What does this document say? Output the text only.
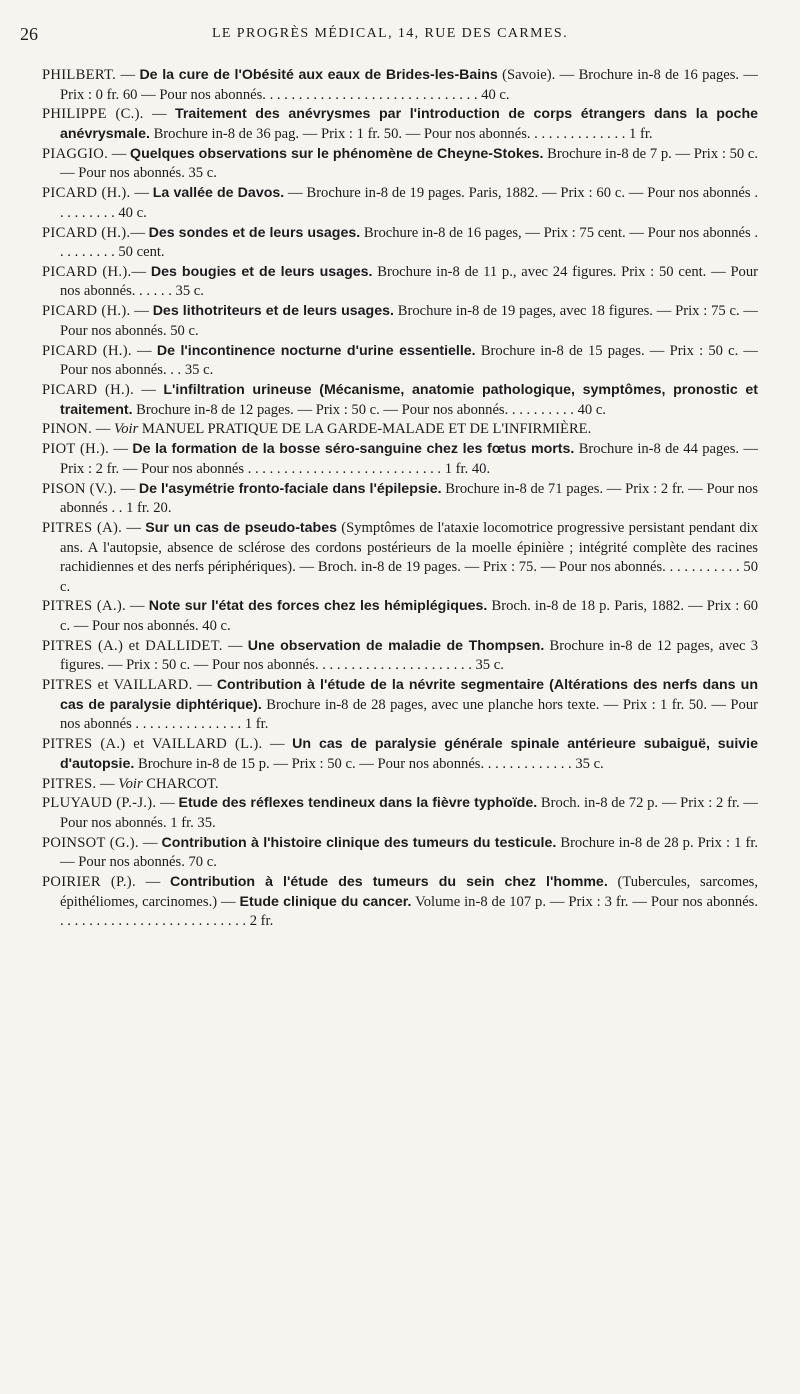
26	LE PROGRÈS MÉDICAL, 14, RUE DES CARMES.

PHILBERT. — De la cure de l'Obésité aux eaux de Brides-les-Bains (Savoie). — Brochure in-8 de 16 pages. — Prix : 0 fr. 60 — Pour nos abonnés. . . . . . . . . . . . . . . . . . . . . . . . . . . . . . 40 c.

PHILIPPE (C.). — Traitement des anévrysmes par l'introduction de corps étrangers dans la poche anévrysmale. Brochure in-8 de 36 pag. — Prix : 1 fr. 50. — Pour nos abonnés. . . . . . . . . . . . . . 1 fr.

PIAGGIO. — Quelques observations sur le phénomène de Cheyne-Stokes. Brochure in-8 de 7 p. — Prix : 50 c. — Pour nos abonnés. 35 c.

PICARD (H.). — La vallée de Davos. — Brochure in-8 de 19 pages. Paris, 1882. — Prix : 60 c. — Pour nos abonnés . . . . . . . . . 40 c.

PICARD (H.).— Des sondes et de leurs usages. Brochure in-8 de 16 pages, — Prix : 75 cent. — Pour nos abonnés . . . . . . . . . 50 cent.

PICARD (H.).— Des bougies et de leurs usages. Brochure in-8 de 11 p., avec 24 figures. Prix : 50 cent. — Pour nos abonnés. . . . . . 35 c.

PICARD (H.). — Des lithotriteurs et de leurs usages. Brochure in-8 de 19 pages, avec 18 figures. — Prix : 75 c. — Pour nos abonnés. 50 c.

PICARD (H.). — De l'incontinence nocturne d'urine essentielle. Brochure in-8 de 15 pages. — Prix : 50 c. — Pour nos abonnés. . . 35 c.

PICARD (H.). — L'infiltration urineuse (Mécanisme, anatomie pathologique, symptômes, pronostic et traitement. Brochure in-8 de 12 pages. — Prix : 50 c. — Pour nos abonnés. . . . . . . . . . 40 c.

PINON. — Voir MANUEL PRATIQUE DE LA GARDE-MALADE ET DE L'INFIRMIÈRE.

PIOT (H.). — De la formation de la bosse séro-sanguine chez les fœtus morts. Brochure in-8 de 44 pages. — Prix : 2 fr. — Pour nos abonnés . . . . . . . . . . . . . . . . . . . . . . . . . . . 1 fr. 40.

PISON (V.). — De l'asymétrie fronto-faciale dans l'épilepsie. Brochure in-8 de 71 pages. — Prix : 2 fr. — Pour nos abonnés . . 1 fr. 20.

PITRES (A). — Sur un cas de pseudo-tabes (Symptômes de l'ataxie locomotrice progressive persistant pendant dix ans. A l'autopsie, absence de sclérose des cordons postérieurs de la moelle épinière ; intégrité complète des racines rachidiennes et des nerfs périphériques). — Broch. in-8 de 19 pages. — Prix : 75. — Pour nos abonnés. . . . . . . . . . . 50 c.

PITRES (A.). — Note sur l'état des forces chez les hémiplégiques. Broch. in-8 de 18 p. Paris, 1882. — Prix : 60 c. — Pour nos abonnés. 40 c.

PITRES (A.) et DALLIDET. — Une observation de maladie de Thompsen. Brochure in-8 de 12 pages, avec 3 figures. — Prix : 50 c. — Pour nos abonnés. . . . . . . . . . . . . . . . . . . . . . 35 c.

PITRES et VAILLARD. — Contribution à l'étude de la névrite segmentaire (Altérations des nerfs dans un cas de paralysie diphtérique). Brochure in-8 de 28 pages, avec une planche hors texte. — Prix : 1 fr. 50. — Pour nos abonnés . . . . . . . . . . . . . . . 1 fr.

PITRES (A.) et VAILLARD (L.). — Un cas de paralysie générale spinale antérieure subaiguë, suivie d'autopsie. Brochure in-8 de 15 p. — Prix : 50 c. — Pour nos abonnés. . . . . . . . . . . . . 35 c.

PITRES. — Voir CHARCOT.

PLUYAUD (P.-J.). — Etude des réflexes tendineux dans la fièvre typhoïde. Broch. in-8 de 72 p. — Prix : 2 fr. — Pour nos abonnés. 1 fr. 35.

POINSOT (G.). — Contribution à l'histoire clinique des tumeurs du testicule. Brochure in-8 de 28 p. Prix : 1 fr. — Pour nos abonnés. 70 c.

POIRIER (P.). — Contribution à l'étude des tumeurs du sein chez l'homme. (Tubercules, sarcomes, épithéliomes, carcinomes.) — Etude clinique du cancer. Volume in-8 de 107 p. — Prix : 3 fr. — Pour nos abonnés. . . . . . . . . . . . . . . . . . . . . . . . . . . 2 fr.
